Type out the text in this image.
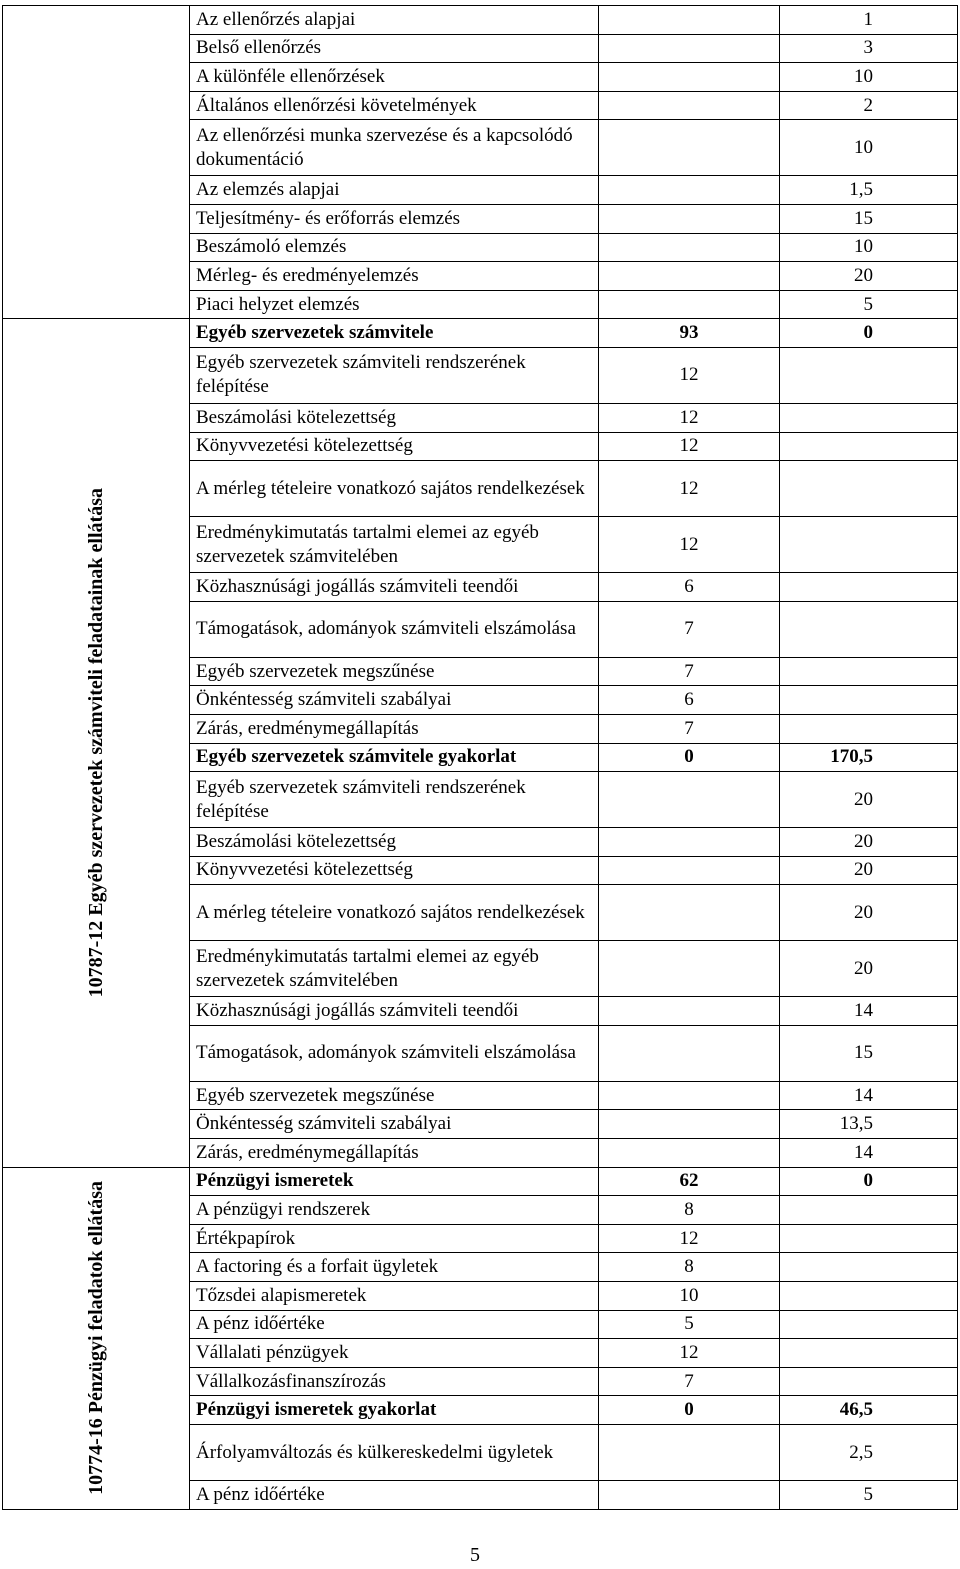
	Az ellenőrzés alapjai		1
	Belső ellenőrzés		3
	A különféle ellenőrzések		10
	Általános ellenőrzési követelmények		2
	Az ellenőrzési munka szervezése és a kapcsolódó dokumentáció		10
	Az elemzés alapjai		1,5
	Teljesítmény- és erőforrás elemzés		15
	Beszámoló elemzés		10
	Mérleg- és eredményelemzés		20
	Piaci helyzet elemzés		5

10787-12 Egyéb szervezetek számviteli feladatainak ellátása	Egyéb szervezetek számvitele	93	0
	Egyéb szervezetek számviteli rendszerének felépítése	12	
	Beszámolási kötelezettség	12	
	Könyvvezetési kötelezettség	12	
	A mérleg tételeire vonatkozó sajátos rendelkezések	12	
	Eredménykimutatás tartalmi elemei az egyéb szervezetek számvitelében	12	
	Közhasznúsági jogállás számviteli teendői	6	
	Támogatások, adományok számviteli elszámolása	7	
	Egyéb szervezetek megszűnése	7	
	Önkéntesség számviteli szabályai	6	
	Zárás, eredménymegállapítás	7	
	Egyéb szervezetek számvitele gyakorlat	0	170,5
	Egyéb szervezetek számviteli rendszerének felépítése		20
	Beszámolási kötelezettség		20
	Könyvvezetési kötelezettség		20
	A mérleg tételeire vonatkozó sajátos rendelkezések		20
	Eredménykimutatás tartalmi elemei az egyéb szervezetek számvitelében		20
	Közhasznúsági jogállás számviteli teendői		14
	Támogatások, adományok számviteli elszámolása		15
	Egyéb szervezetek megszűnése		14
	Önkéntesség számviteli szabályai		13,5
	Zárás, eredménymegállapítás		14

10774-16 Pénzügyi feladatok ellátása	Pénzügyi ismeretek	62	0
	A pénzügyi rendszerek	8	
	Értékpapírok	12	
	A factoring és a forfait ügyletek	8	
	Tőzsdei alapismeretek	10	
	A pénz időértéke	5	
	Vállalati pénzügyek	12	
	Vállalkozásfinanszírozás	7	
	Pénzügyi ismeretek gyakorlat	0	46,5
	Árfolyamváltozás és külkereskedelmi ügyletek		2,5
	A pénz időértéke		5
5
